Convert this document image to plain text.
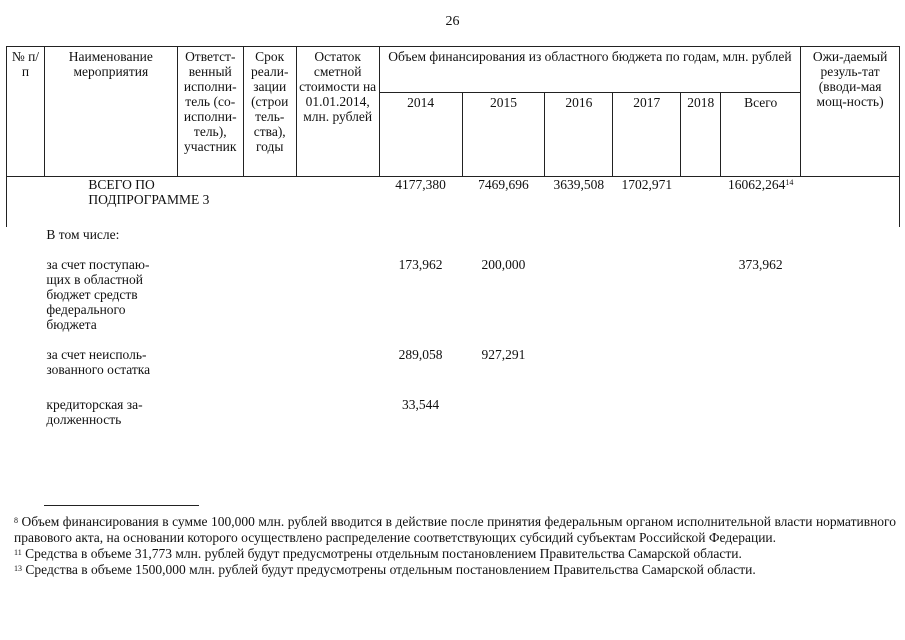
26
№ п/п	Наименование мероприятия	Ответст-венный исполни-тель (со-исполни-тель), участник	Срок реали-зации (строи тель-ства), годы	Остаток сметной стоимости на 01.01.2014, млн. рублей	Объем финансирования из областного бюджета по годам, млн. рублей						Ожи-даемый резуль-тат (вводи-мая мощ-ность)
					2014	2015	2016	2017	2018	Всего	

	ВСЕГО ПО ПОДПРОГРАММЕ 3				4177,380	7469,696	3639,508	1702,971		16062,264$^{14}$	
	В том числе:										
	за счет поступаю-щих в областной бюджет средств федерального бюджета				173,962	200,000				373,962	
	за счет неисполь-зованного остатка				289,058	927,291					
	кредиторская за-долженность				33,544						

$^8$ Объем финансирования в сумме 100,000 млн. рублей вводится в действие после принятия федеральным органом исполнительной власти нормативного правового акта, на основании которого осуществлено распределение соответствующих субсидий субъектам Российской Федерации.

$^{11}$ Средства в объеме 31,773 млн. рублей будут предусмотрены отдельным постановлением Правительства Самарской области.

$^{13}$ Средства в объеме 1500,000 млн. рублей будут предусмотрены отдельным постановлением Правительства Самарской области.
